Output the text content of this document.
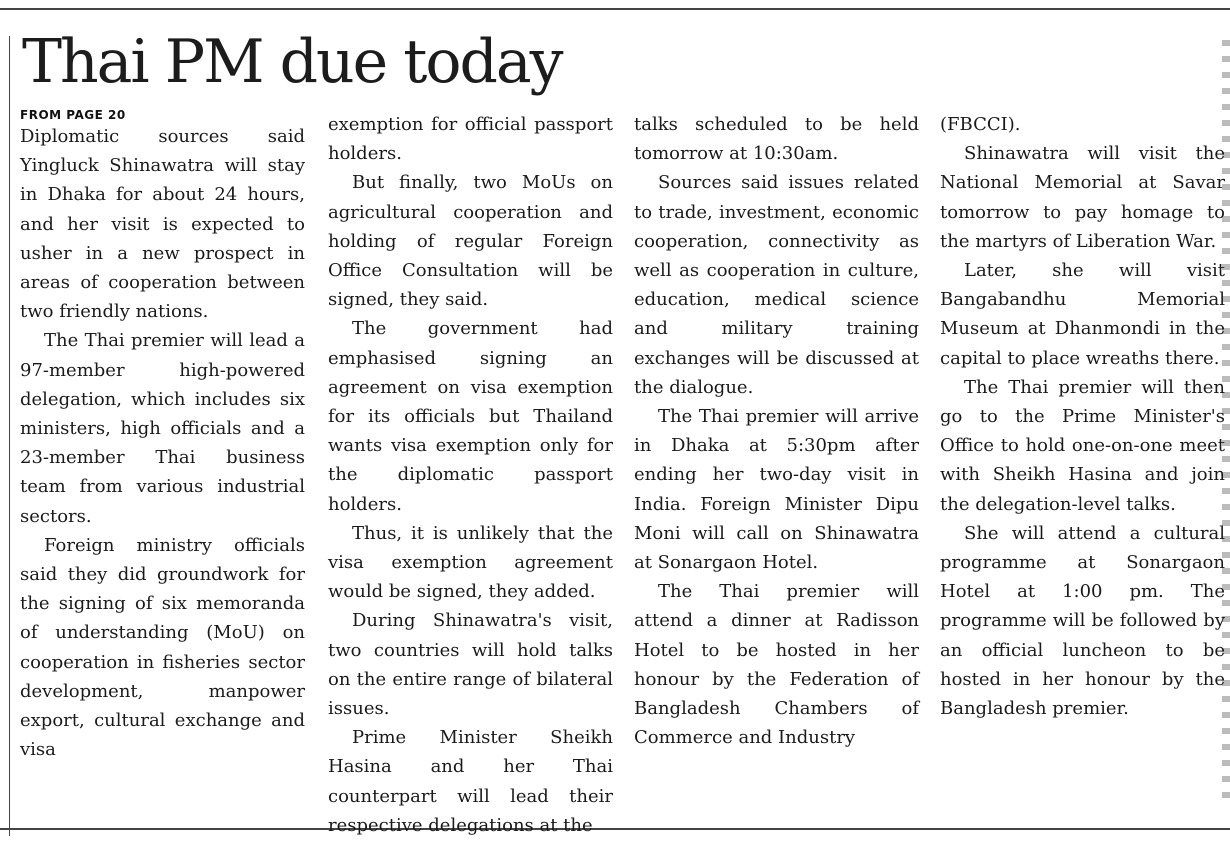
Thai PM due today
FROM PAGE 20

Diplomatic sources said Yingluck Shinawatra will stay in Dhaka for about 24 hours, and her visit is expected to usher in a new prospect in areas of cooperation between two friendly nations.

The Thai premier will lead a 97-member high-powered delegation, which includes six ministers, high officials and a 23-member Thai business team from various industrial sectors.

Foreign ministry officials said they did groundwork for the signing of six memoranda of understanding (MoU) on cooperation in fisheries sector development, manpower export, cultural exchange and visa

exemption for official passport holders.

But finally, two MoUs on agricultural cooperation and holding of regular Foreign Office Consultation will be signed, they said.

The government had emphasised signing an agreement on visa exemption for its officials but Thailand wants visa exemption only for the diplomatic passport holders.

Thus, it is unlikely that the visa exemption agreement would be signed, they added.

During Shinawatra's visit, two countries will hold talks on the entire range of bilateral issues.

Prime Minister Sheikh Hasina and her Thai counterpart will lead their respective delegations at the

talks scheduled to be held tomorrow at 10:30am.

Sources said issues related to trade, investment, economic cooperation, connectivity as well as cooperation in culture, education, medical science and military training exchanges will be discussed at the dialogue.

The Thai premier will arrive in Dhaka at 5:30pm after ending her two-day visit in India. Foreign Minister Dipu Moni will call on Shinawatra at Sonargaon Hotel.

The Thai premier will attend a dinner at Radisson Hotel to be hosted in her honour by the Federation of Bangladesh Chambers of Commerce and Industry

(FBCCI).

Shinawatra will visit the National Memorial at Savar tomorrow to pay homage to the martyrs of Liberation War.

Later, she will visit Bangabandhu Memorial Museum at Dhanmondi in the capital to place wreaths there.

The Thai premier will then go to the Prime Minister's Office to hold one-on-one meet with Sheikh Hasina and join the delegation-level talks.

She will attend a cultural programme at Sonargaon Hotel at 1:00 pm. The programme will be followed by an official luncheon to be hosted in her honour by the Bangladesh premier.
